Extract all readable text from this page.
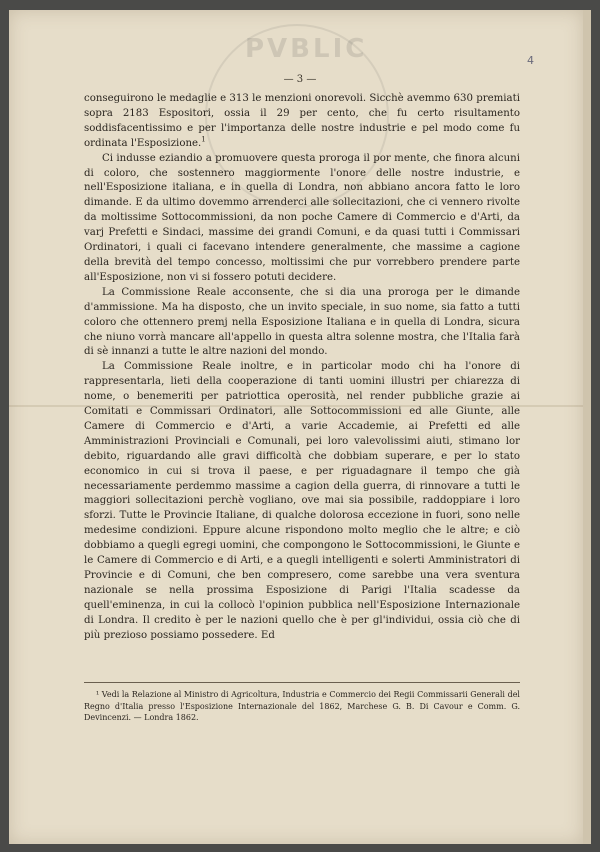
PVBLIC	4
— 3 —

conseguirono le medaglie e 313 le menzioni onorevoli. Sicchè avemmo 630 premiati sopra 2183 Espositori, ossia il 29 per cento, che fu certo risultamento soddisfacentissimo e per l'importanza delle nostre industrie e pel modo come fu ordinata l'Esposizione.$^1$

Ci indusse eziandio a promuovere questa proroga il por mente, che finora alcuni di coloro, che sostennero maggiormente l'onore delle nostre industrie, e nell'Esposizione italiana, e in quella di Londra, non abbiano ancora fatto le loro dimande. E da ultimo dovemmo arrenderci alle sollecitazioni, che ci vennero rivolte da moltissime Sottocommissioni, da non poche Camere di Commercio e d'Arti, da varj Prefetti e Sindaci, massime dei grandi Comuni, e da quasi tutti i Commissari Ordinatori, i quali ci facevano intendere generalmente, che massime a cagione della brevità del tempo concesso, moltissimi che pur vorrebbero prendere parte all'Esposizione, non vi si fossero potuti decidere.

La Commissione Reale acconsente, che si dia una proroga per le dimande d'ammissione. Ma ha disposto, che un invito speciale, in suo nome, sia fatto a tutti coloro che ottennero premj nella Esposizione Italiana e in quella di Londra, sicura che niuno vorrà mancare all'appello in questa altra solenne mostra, che l'Italia farà di sè innanzi a tutte le altre nazioni del mondo.

La Commissione Reale inoltre, e in particolar modo chi ha l'onore di rappresentarla, lieti della cooperazione di tanti uomini illustri per chiarezza di nome, o benemeriti per patriottica operosità, nel render pubbliche grazie ai Comitati e Commissari Ordinatori, alle Sottocommissioni ed alle Giunte, alle Camere di Commercio e d'Arti, a varie Accademie, ai Prefetti ed alle Amministrazioni Provinciali e Comunali, pei loro valevolissimi aiuti, stimano lor debito, riguardando alle gravi difficoltà che dobbiam superare, e per lo stato economico in cui si trova il paese, e per riguadagnare il tempo che già necessariamente perdemmo massime a cagion della guerra, di rinnovare a tutti le maggiori sollecitazioni perchè vogliano, ove mai sia possibile, raddoppiare i loro sforzi. Tutte le Provincie Italiane, di qualche dolorosa eccezione in fuori, sono nelle medesime condizioni. Eppure alcune rispondono molto meglio che le altre; e ciò dobbiamo a quegli egregi uomini, che compongono le Sottocommissioni, le Giunte e le Camere di Commercio e di Arti, e a quegli intelligenti e solerti Amministratori di Provincie e di Comuni, che ben compresero, come sarebbe una vera sventura nazionale se nella prossima Esposizione di Parigi l'Italia scadesse da quell'eminenza, in cui la collocò l'opinion pubblica nell'Esposizione Internazionale di Londra. Il credito è per le nazioni quello che è per gl'individui, ossia ciò che di più prezioso possiamo possedere. Ed

¹ Vedi la Relazione al Ministro di Agricoltura, Industria e Commercio dei Regii Commissarii Generali del Regno d'Italia presso l'Esposizione Internazionale del 1862, Marchese G. B. Di Cavour e Comm. G. Devincenzi. — Londra 1862.
